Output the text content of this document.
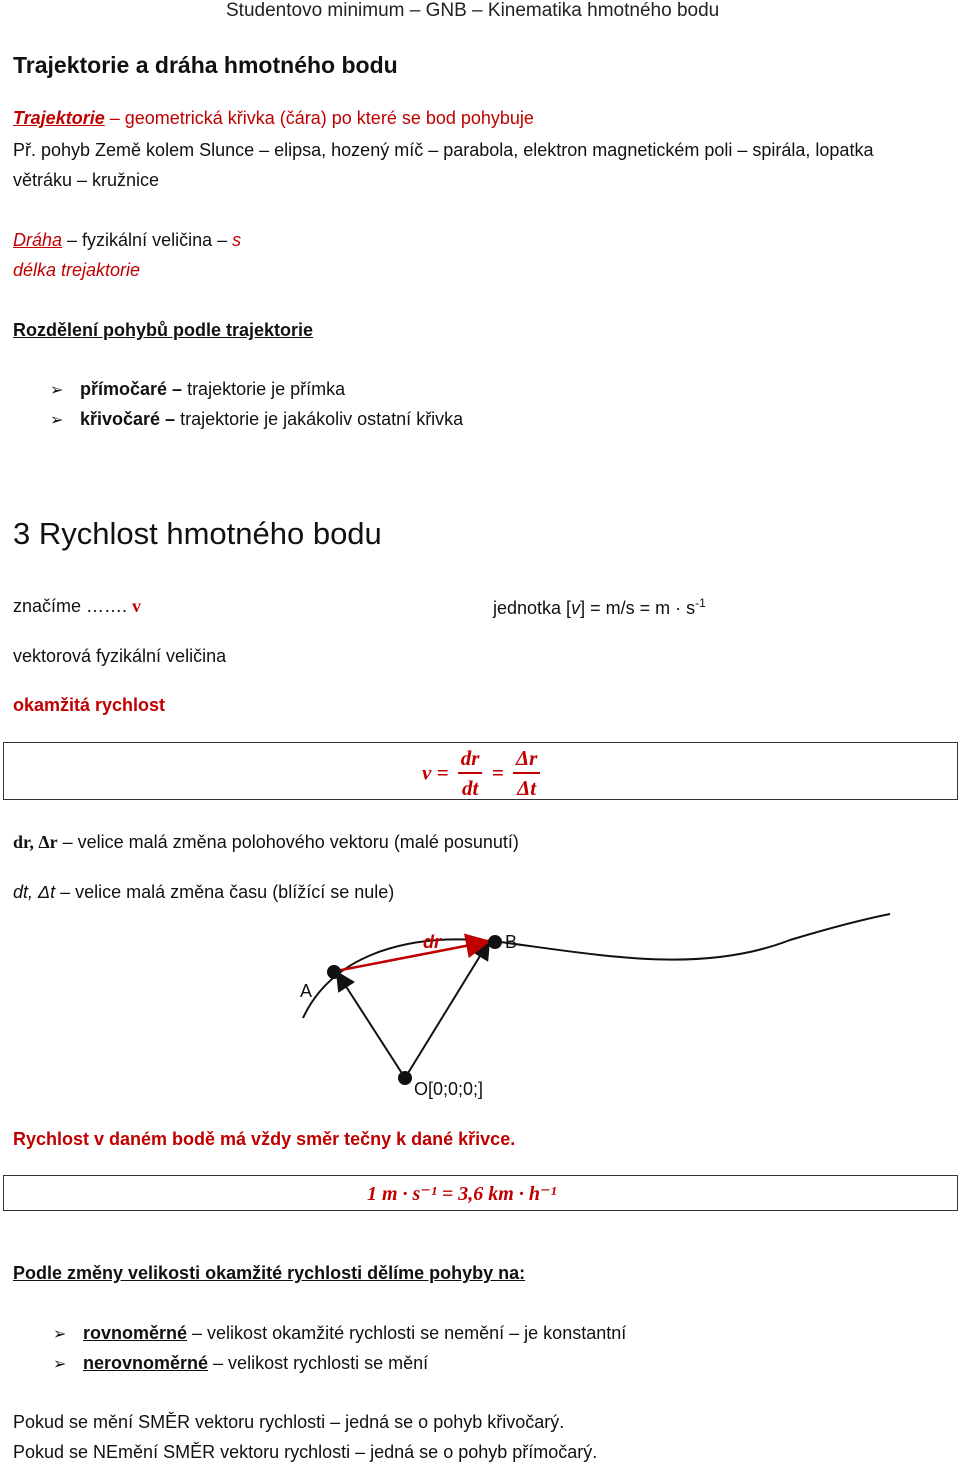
Studentovo minimum – GNB – Kinematika hmotného bodu
Trajektorie a dráha hmotného bodu
Trajektorie – geometrická křivka (čára) po které se bod pohybuje
Př. pohyb Země kolem Slunce – elipsa, hozený míč – parabola, elektron magnetickém poli – spirála, lopatka
větráku – kružnice
Dráha – fyzikální veličina – s
délka trejaktorie
Rozdělení pohybů podle trajektorie
➢ přímočaré – trajektorie je přímka
➢ křivočaré – trajektorie je jakákoliv ostatní křivka
3 Rychlost hmotného bodu
značíme ……. v	jednotka $[v] = m/s = m \cdot s^{-1}$
vektorová fyzikální veličina
okamžitá rychlost
$v = \frac{dr}{dt} = \frac{\Delta r}{\Delta t}$
dr, Δr – velice malá změna polohového vektoru (malé posunutí)
dt, Δt – velice malá změna času (blížící se nule)
dr	B
A
O[0;0;0;]
Rychlost v daném bodě má vždy směr tečny k dané křivce.
1 m · s⁻¹ = 3,6 km · h⁻¹
Podle změny velikosti okamžité rychlosti dělíme pohyby na:
➢ rovnoměrné – velikost okamžité rychlosti se nemění – je konstantní
➢ nerovnoměrné – velikost rychlosti se mění
Pokud se mění SMĚR vektoru rychlosti – jedná se o pohyb křivočarý.
Pokud se NEmění SMĚR vektoru rychlosti – jedná se o pohyb přímočarý.
